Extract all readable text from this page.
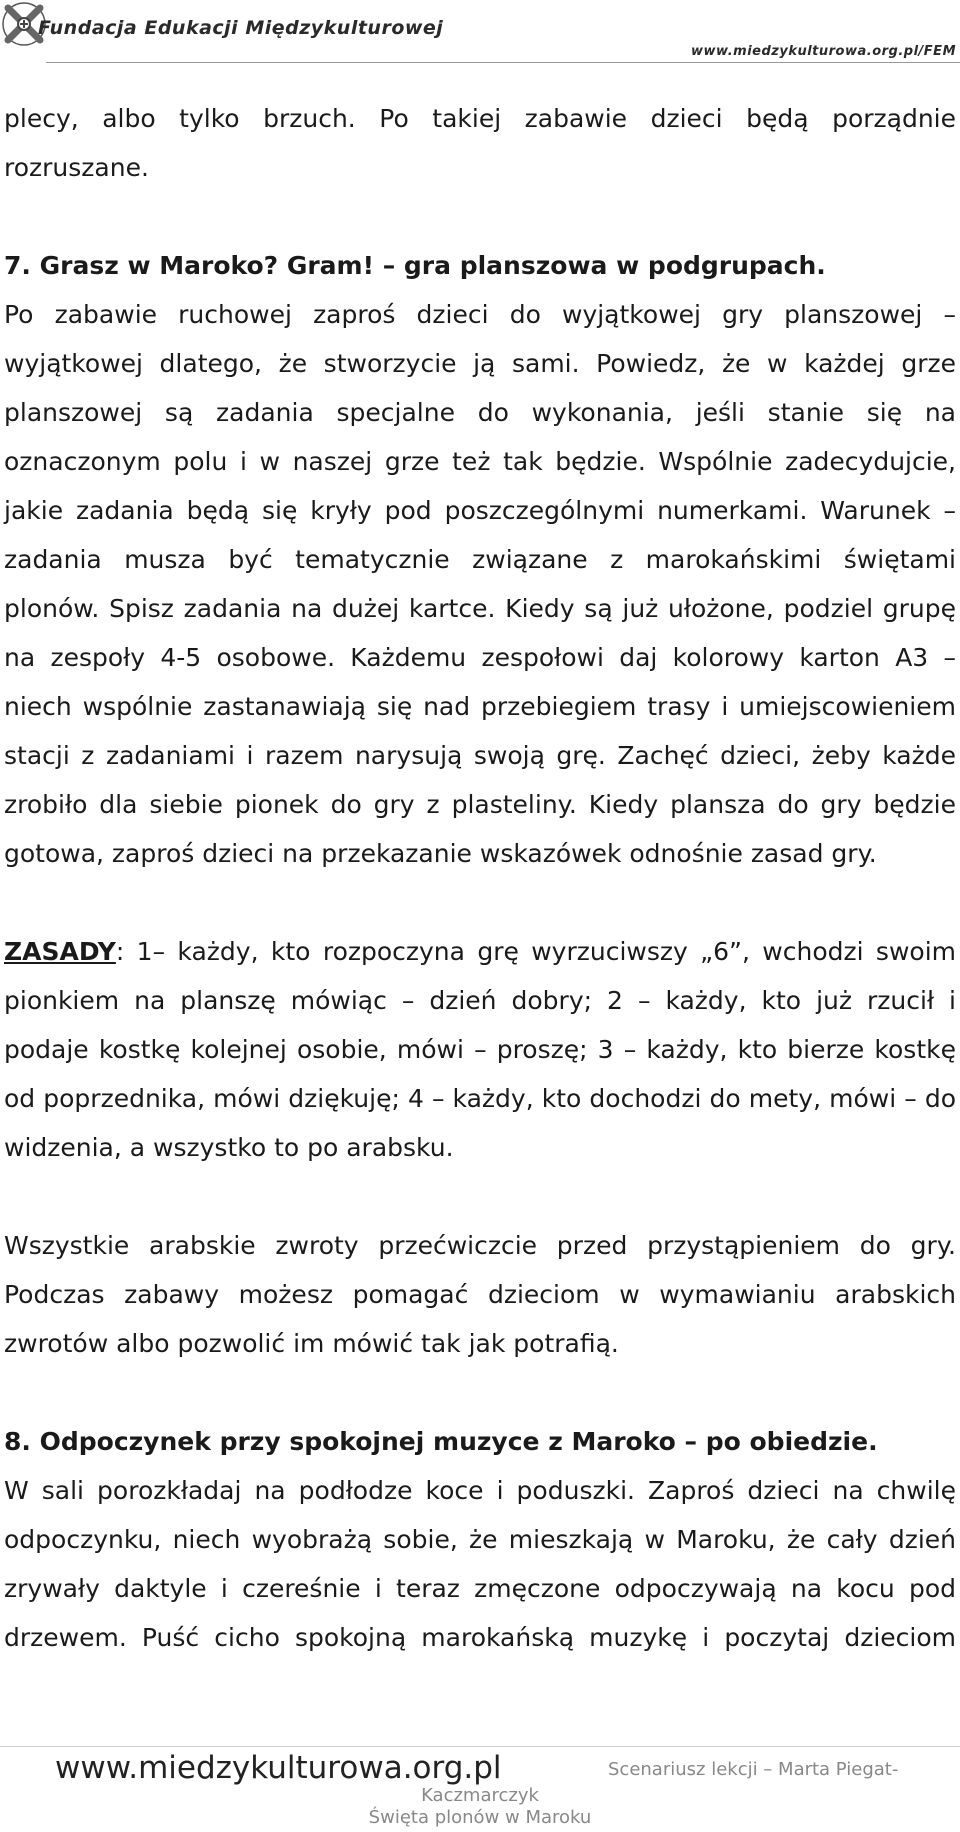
Fundacja Edukacji Międzykulturowej
www.miedzykulturowa.org.pl/FEM

plecy, albo tylko brzuch. Po takiej zabawie dzieci będą porządnie

rozruszane.

7. Grasz w Maroko? Gram! – gra planszowa w podgrupach.

Po zabawie ruchowej zaproś dzieci do wyjątkowej gry planszowej – wyjątkowej dlatego, że stworzycie ją sami. Powiedz, że w każdej grze planszowej są zadania specjalne do wykonania, jeśli stanie się na oznaczonym polu i w naszej grze też tak będzie. Wspólnie zadecydujcie, jakie zadania będą się kryły pod poszczególnymi numerkami. Warunek – zadania musza być tematycznie związane z marokańskimi świętami plonów. Spisz zadania na dużej kartce. Kiedy są już ułożone, podziel grupę na zespoły 4-5 osobowe. Każdemu zespołowi daj kolorowy karton A3 – niech wspólnie zastanawiają się nad przebiegiem trasy i umiejscowieniem stacji z zadaniami i razem narysują swoją grę. Zachęć dzieci, żeby każde zrobiło dla siebie pionek do gry z plasteliny. Kiedy plansza do gry będzie gotowa, zaproś dzieci na przekazanie wskazówek odnośnie zasad gry.

ZASADY: 1– każdy, kto rozpoczyna grę wyrzuciwszy „6”, wchodzi swoim pionkiem na planszę mówiąc – dzień dobry; 2 – każdy, kto już rzucił i podaje kostkę kolejnej osobie, mówi – proszę; 3 – każdy, kto bierze kostkę od poprzednika, mówi dziękuję; 4 – każdy, kto dochodzi do mety, mówi – do widzenia, a wszystko to po arabsku.

Wszystkie arabskie zwroty przećwiczcie przed przystąpieniem do gry. Podczas zabawy możesz pomagać dzieciom w wymawianiu arabskich zwrotów albo pozwolić im mówić tak jak potrafią.

8. Odpoczynek przy spokojnej muzyce z Maroko – po obiedzie.

W sali porozkładaj na podłodze koce i poduszki. Zaproś dzieci na chwilę odpoczynku, niech wyobrażą sobie, że mieszkają w Maroku, że cały dzień zrywały daktyle i czereśnie i teraz zmęczone odpoczywają na kocu pod drzewem. Puść cicho spokojną marokańską muzykę i poczytaj dzieciom

www.miedzykulturowa.org.pl	Scenariusz lekcji – Marta Piegat-
Kaczmarczyk
Święta plonów w Maroku
